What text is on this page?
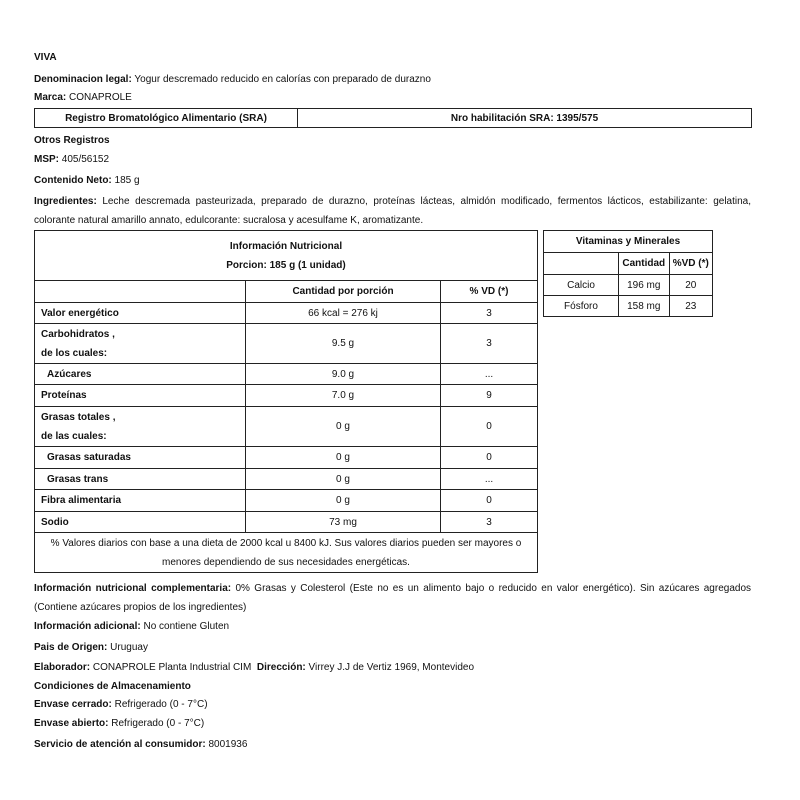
VIVA
Denominacion legal: Yogur descremado reducido en calorías con preparado de durazno
Marca: CONAPROLE
Registro Bromatológico Alimentario (SRA)	Nro habilitación SRA: 1395/575
Otros Registros
MSP: 405/56152
Contenido Neto: 185 g
Ingredientes: Leche descremada pasteurizada, preparado de durazno, proteínas lácteas, almidón modificado, fermentos lácticos, estabilizante: gelatina, colorante natural amarillo annato, edulcorante: sucralosa y acesulfame K, aromatizante.
Información Nutricional
Porcion: 185 g (1 unidad)		

	Cantidad por porción	% VD (*)
Valor energético	66 kcal = 276 kj	3

Carbohidratos ,
de los cuales:	9.5 g	3
Azúcares	9.0 g	...
Proteínas	7.0 g	9

Grasas totales ,
de las cuales:	0 g	0
Grasas saturadas	0 g	0
Grasas trans	0 g	...
Fibra alimentaria	0 g	0
Sodio	73 mg	3
% Valores diarios con base a una dieta de 2000 kcal u 8400 kJ. Sus valores diarios pueden ser mayores o menores dependiendo de sus necesidades energéticas.		
Vitaminas y Minerales		
	Cantidad	%VD (*)
Calcio	196 mg	20
Fósforo	158 mg	23
Información nutricional complementaria: 0% Grasas y Colesterol (Este no es un alimento bajo o reducido en valor energético). Sin azúcares agregados (Contiene azúcares propios de los ingredientes)
Información adicional: No contiene Gluten
Pais de Origen: Uruguay
Elaborador: CONAPROLE Planta Industrial CIM Dirección: Virrey J.J de Vertiz 1969, Montevideo
Condiciones de Almacenamiento
Envase cerrado: Refrigerado (0 - 7°C)
Envase abierto: Refrigerado (0 - 7°C)
Servicio de atención al consumidor: 8001936
